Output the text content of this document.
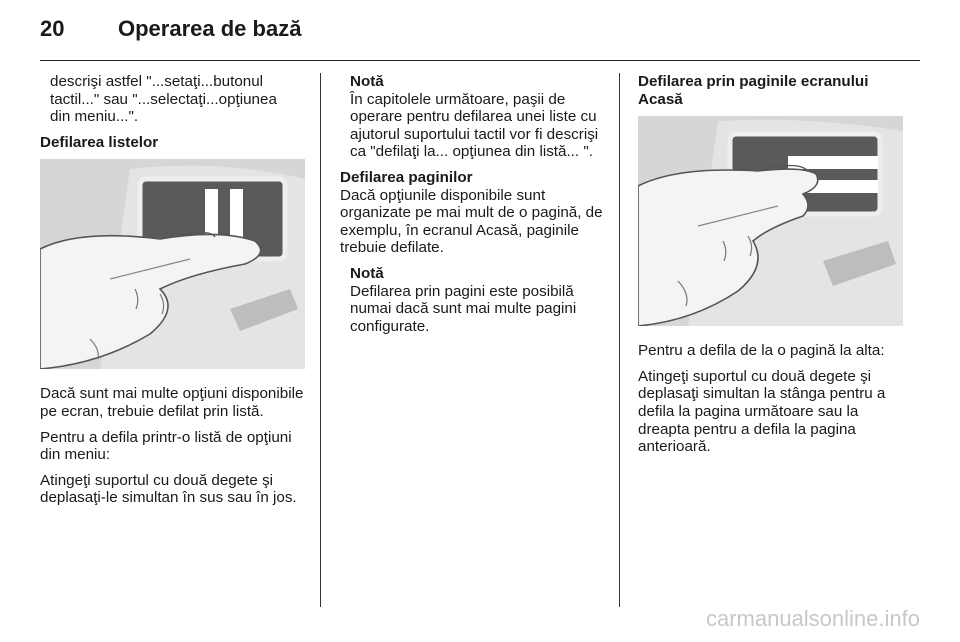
20	Operarea de bază
descrişi astfel "...setaţi...butonul
tactil..." sau "...selectaţi...opţiunea
din meniu...".

Defilarea listelor

Dacă sunt mai multe opţiuni disponibile pe ecran, trebuie defilat prin listă.

Pentru a defila printr-o listă de opţiuni din meniu:

Atingeţi suportul cu două degete şi deplasaţi-le simultan în sus sau în jos.

Notă

În capitolele următoare, paşii de operare pentru defilarea unei liste cu ajutorul suportului tactil vor fi descrişi ca "defilaţi la... opţiunea din listă... ".

Defilarea paginilor

Dacă opţiunile disponibile sunt organizate pe mai mult de o pagină, de exemplu, în ecranul Acasă, paginile trebuie defilate.

Notă

Defilarea prin pagini este posibilă numai dacă sunt mai multe pagini configurate.

Defilarea prin paginile ecranului Acasă

Pentru a defila de la o pagină la alta:

Atingeţi suportul cu două degete şi deplasaţi simultan la stânga pentru a defila la pagina următoare sau la dreapta pentru a defila la pagina anterioară.

carmanualsonline.info
